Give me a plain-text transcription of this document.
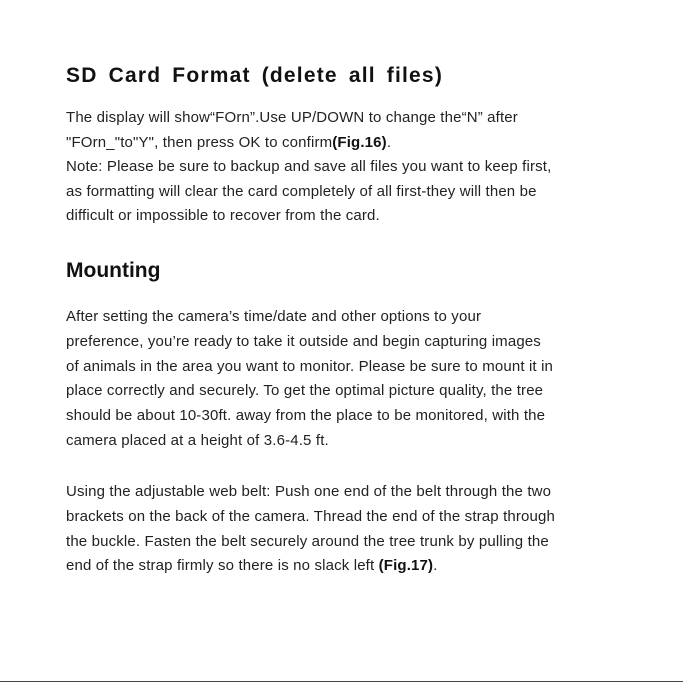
SD Card Format (delete all files)
The display will show“FOrn”.Use UP/DOWN to change the“N” after
"FOrn_"to"Y", then press OK to confirm(Fig.16).
Note: Please be sure to backup and save all files you want to keep first,
as formatting will clear the card completely of all first-they will then be
difficult or impossible to recover from the card.
Mounting
After setting the camera’s time/date and other options to your
preference, you’re ready to take it outside and begin capturing images
of animals in the area you want to monitor. Please be sure to mount it in
place correctly and securely. To get the optimal picture quality, the tree
should be about 10-30ft. away from the place to be monitored, with the
camera placed at a height of 3.6-4.5 ft.
Using the adjustable web belt: Push one end of the belt through the two
brackets on the back of the camera. Thread the end of the strap through
the buckle. Fasten the belt securely around the tree trunk by pulling the
end of the strap firmly so there is no slack left (Fig.17).
